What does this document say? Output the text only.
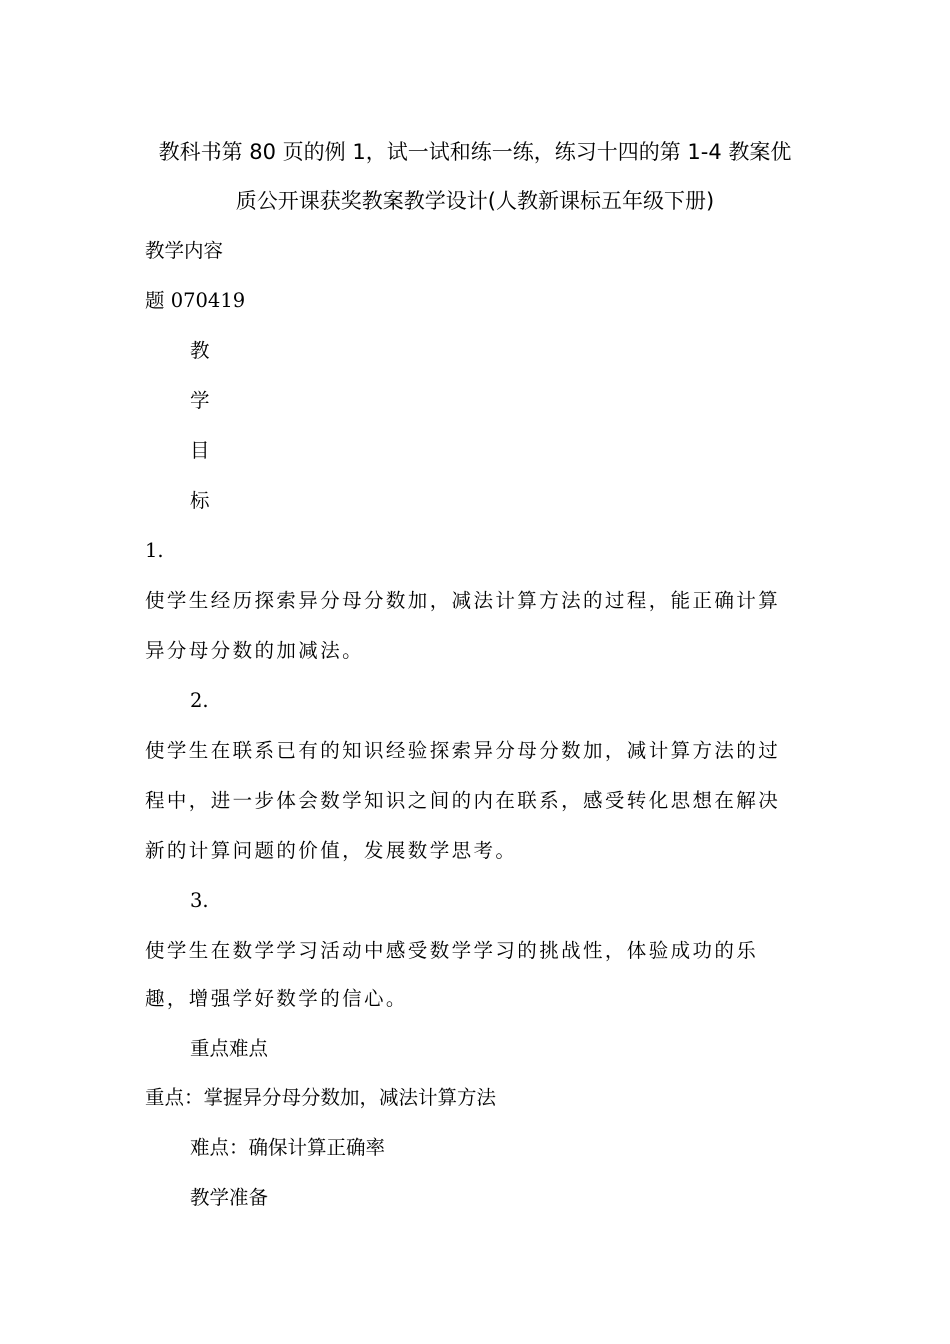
教科书第 80 页的例 1，试一试和练一练，练习十四的第 1-4 教案优
质公开课获奖教案教学设计(人教新课标五年级下册)
教学内容
题 070419
教
学
目
标
1.
使学生经历探索异分母分数加，减法计算方法的过程，能正确计算
异分母分数的加减法。
2.
使学生在联系已有的知识经验探索异分母分数加，减计算方法的过
程中，进一步体会数学知识之间的内在联系，感受转化思想在解决
新的计算问题的价值，发展数学思考。
3.
使学生在数学学习活动中感受数学学习的挑战性，体验成功的乐
趣，增强学好数学的信心。
重点难点
重点：掌握异分母分数加，减法计算方法
难点：确保计算正确率
教学准备
